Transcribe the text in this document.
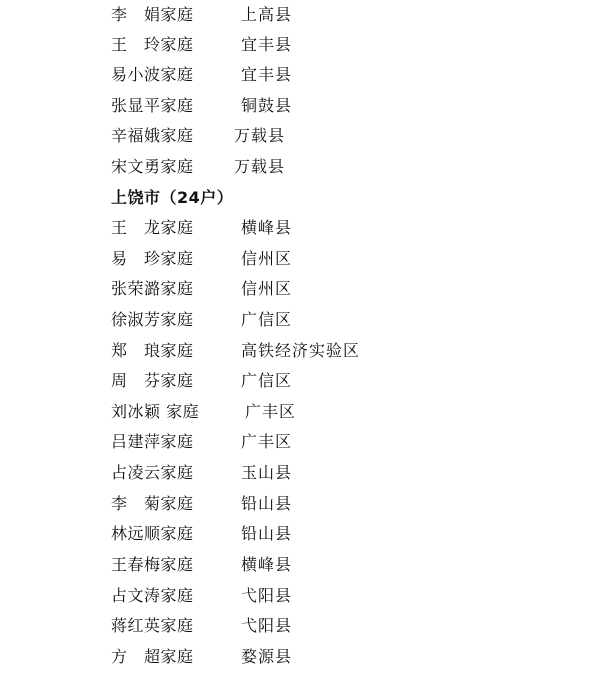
李　娟家庭	上高县
王　玲家庭	宜丰县
易小波家庭	宜丰县
张显平家庭	铜鼓县
辛福娥家庭	万载县
宋文勇家庭	万载县
上饶市（24户）
王　龙家庭	横峰县
易　珍家庭	信州区
张荣潞家庭	信州区
徐淑芳家庭	广信区
郑　琅家庭	高铁经济实验区
周　芬家庭	广信区
刘冰颖 家庭	广丰区
吕建萍家庭	广丰区
占凌云家庭	玉山县
李　菊家庭	铅山县
林远顺家庭	铅山县
王春梅家庭	横峰县
占文涛家庭	弋阳县
蒋红英家庭	弋阳县
方　超家庭	婺源县
